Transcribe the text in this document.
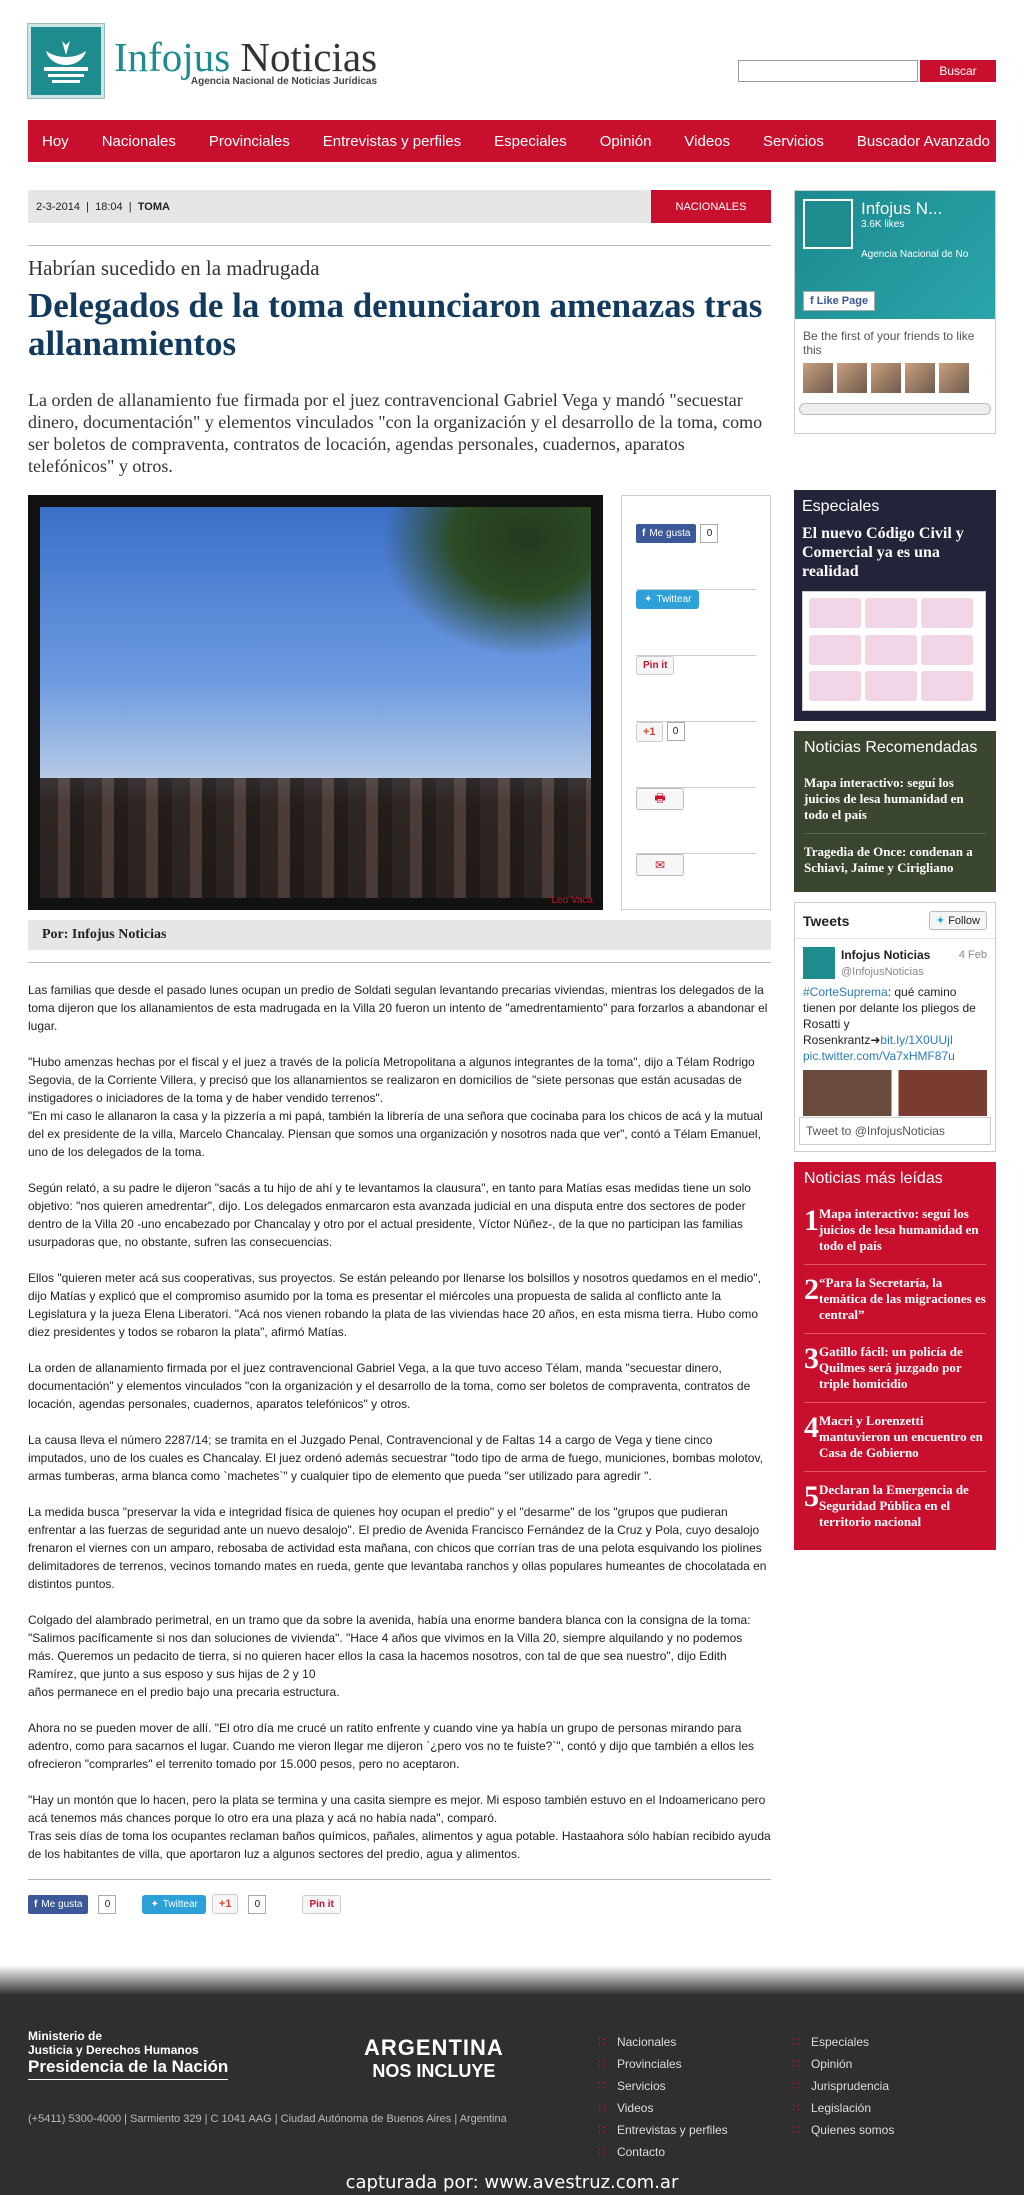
Infojus Noticias
Agencia Nacional de Noticias Jurídicas
Buscar
Hoy Nacionales Provinciales Entrevistas y perfiles Especiales Opinión Videos Servicios Buscador Avanzado
2-3-2014  |  18:04  |  TOMA	NACIONALES
Habrían sucedido en la madrugada
Delegados de la toma denunciaron amenazas tras allanamientos
La orden de allanamiento fue firmada por el juez contravencional Gabriel Vega y mandó "secuestar dinero, documentación" y elementos vinculados "con la organización y el desarrollo de la toma, como ser boletos de compraventa, contratos de locación, agendas personales, cuadernos, aparatos telefónicos" y otros.
Leo Vaca
f Me gusta	0
✦ Twittear
Pin it
+1	0
🖶
✉
Por: Infojus Noticias

Las familias que desde el pasado lunes ocupan un predio de Soldati segulan levantando precarias viviendas, mientras los delegados de la toma dijeron que los allanamientos de esta madrugada en la Villa 20 fueron un intento de "amedrentamiento" para forzarlos a abandonar el lugar.

"Hubo amenzas hechas por el fiscal y el juez a través de la policía Metropolitana a algunos integrantes de la toma", dijo a Télam Rodrigo Segovia, de la Corriente Villera, y precisó que los allanamientos se realizaron en domicilios de "siete personas que están acusadas de instigadores o iniciadores de la toma y de haber vendido terrenos".
"En mi caso le allanaron la casa y la pizzería a mi papá, también la librería de una señora que cocinaba para los chicos de acá y la mutual del ex presidente de la villa, Marcelo Chancalay. Piensan que somos una organización y nosotros nada que ver", contó a Télam Emanuel, uno de los delegados de la toma.

Según relató, a su padre le dijeron "sacás a tu hijo de ahí y te levantamos la clausura", en tanto para Matías esas medidas tiene un solo objetivo: "nos quieren amedrentar", dijo. Los delegados enmarcaron esta avanzada judicial en una disputa entre dos sectores de poder dentro de la Villa 20 -uno encabezado por Chancalay y otro por el actual presidente, Víctor Núñez-, de la que no participan las familias usurpadoras que, no obstante, sufren las consecuencias.

Ellos "quieren meter acá sus cooperativas, sus proyectos. Se están peleando por llenarse los bolsillos y nosotros quedamos en el medio", dijo Matías y explicó que el compromiso asumido por la toma es presentar el miércoles una propuesta de salida al conflicto ante la Legislatura y la jueza Elena Liberatori. "Acá nos vienen robando la plata de las viviendas hace 20 años, en esta misma tierra. Hubo como diez presidentes y todos se robaron la plata", afirmó Matías.

La orden de allanamiento firmada por el juez contravencional Gabriel Vega, a la que tuvo acceso Télam, manda "secuestar dinero, documentación" y elementos vinculados "con la organización y el desarrollo de la toma, como ser boletos de compraventa, contratos de locación, agendas personales, cuadernos, aparatos telefónicos" y otros.

La causa lleva el número 2287/14; se tramita en el Juzgado Penal, Contravencional y de Faltas 14 a cargo de Vega y tiene cinco imputados, uno de los cuales es Chancalay. El juez ordenó además secuestrar "todo tipo de arma de fuego, municiones, bombas molotov, armas tumberas, arma blanca como `machetes`" y cualquier tipo de elemento que pueda "ser utilizado para agredir ".

La medida busca "preservar la vida e integridad física de quienes hoy ocupan el predio" y el "desarme" de los "grupos que pudieran enfrentar a las fuerzas de seguridad ante un nuevo desalojo". El predio de Avenida Francisco Fernández de la Cruz y Pola, cuyo desalojo frenaron el viernes con un amparo, rebosaba de actividad esta mañana, con chicos que corrían tras de una pelota esquivando los piolines delimitadores de terrenos, vecinos tomando mates en rueda, gente que levantaba ranchos y ollas populares humeantes de chocolatada en distintos puntos.

Colgado del alambrado perimetral, en un tramo que da sobre la avenida, había una enorme bandera blanca con la consigna de la toma: "Salimos pacíficamente si nos dan soluciones de vivienda". "Hace 4 años que vivimos en la Villa 20, siempre alquilando y no podemos más. Queremos un pedacito de tierra, si no quieren hacer ellos la casa la hacemos nosotros, con tal de que sea nuestro", dijo Edith Ramírez, que junto a sus esposo y sus hijas de 2 y 10
años permanece en el predio bajo una precaria estructura.

Ahora no se pueden mover de allí. "El otro día me crucé un ratito enfrente y cuando vine ya había un grupo de personas mirando para adentro, como para sacarnos el lugar. Cuando me vieron llegar me dijeron `¿pero vos no te fuiste?`", contó y dijo que también a ellos les ofrecieron "comprarles" el terrenito tomado por 15.000 pesos, pero no aceptaron.

"Hay un montón que lo hacen, pero la plata se termina y una casita siempre es mejor. Mi esposo también estuvo en el Indoamericano pero acá tenemos más chances porque lo otro era una plaza y acá no había nada", comparó.
Tras seis días de toma los ocupantes reclaman baños químicos, pañales, alimentos y agua potable. Hastaahora sólo habían recibido ayuda de los habitantes de villa, que aportaron luz a algunos sectores del predio, agua y alimentos.

f Me gusta	0	✦ Twittear	+1	0	Pin it
Infojus N...
3.6K likes
Agencia Nacional de No
f Like Page
Be the first of your friends to like this
Especiales
El nuevo Código Civil y Comercial ya es una realidad
Noticias Recomendadas
Mapa interactivo: seguí los juicios de lesa humanidad en todo el país
Tragedia de Once: condenan a Schiavi, Jaime y Cirigliano
Tweets	✦ Follow
Infojus Noticias
@InfojusNoticias
4 Feb
#CorteSuprema: qué camino tienen por delante los pliegos de Rosatti y Rosenkrantz➜bit.ly/1X0UUjI
pic.twitter.com/Va7xHMF87u
Tweet to @InfojusNoticias
Noticias más leídas
1 Mapa interactivo: seguí los juicios de lesa humanidad en todo el país
2 “Para la Secretaría, la temática de las migraciones es central”
3 Gatillo fácil: un policía de Quilmes será juzgado por triple homicidio
4 Macri y Lorenzetti mantuvieron un encuentro en Casa de Gobierno
5 Declaran la Emergencia de Seguridad Pública en el territorio nacional
Ministerio de
Justicia y Derechos Humanos
Presidencia de la Nación
ARGENTINA
NOS INCLUYE
(+5411) 5300-4000 | Sarmiento 329 | C 1041 AAG | Ciudad Autónoma de Buenos Aires | Argentina
∷ Nacionales
∷ Provinciales
∷ Servicios
∷ Videos
∷ Entrevistas y perfiles
∷ Contacto
∷ Especiales
∷ Opinión
∷ Jurisprudencia
∷ Legislación
∷ Quienes somos
capturada por: www.avestruz.com.ar
